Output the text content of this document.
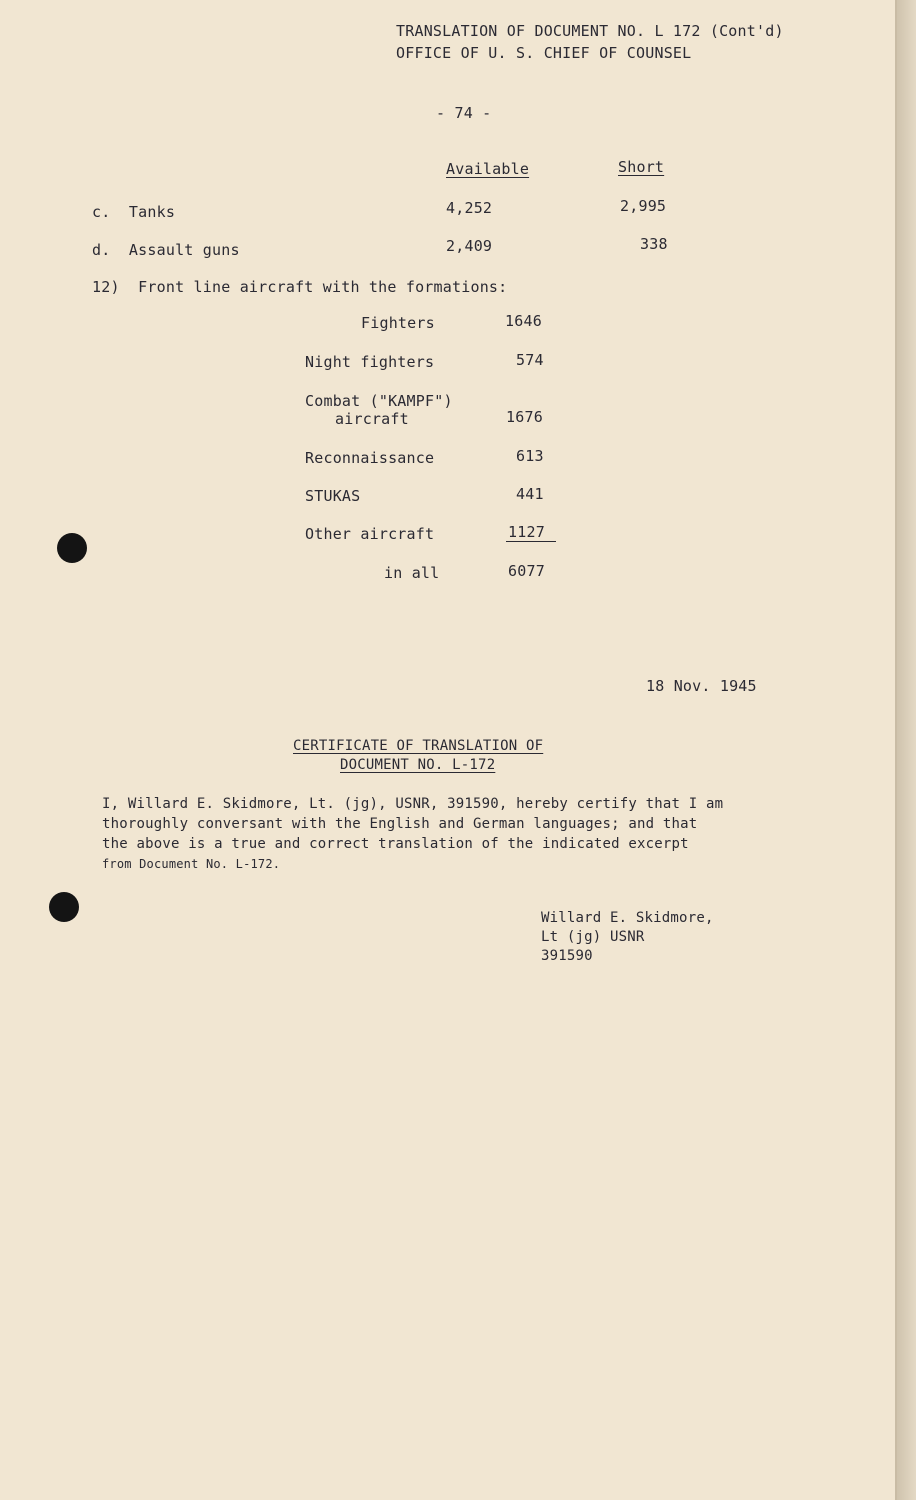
TRANSLATION OF DOCUMENT NO. L 172 (Cont'd)
OFFICE OF U. S. CHIEF OF COUNSEL
- 74 -
Available	Short
c.  Tanks	4,252	2,995
d.  Assault guns	2,409	338
12)  Front line aircraft with the formations:
Fighters	1646
Night fighters	574
Combat ("KAMPF")
aircraft	1676
Reconnaissance	613
STUKAS	441
Other aircraft	1127
in all	6077
18 Nov. 1945
CERTIFICATE OF TRANSLATION OF
DOCUMENT NO. L-172
I, Willard E. Skidmore, Lt. (jg), USNR, 391590, hereby certify that I am
thoroughly conversant with the English and German languages; and that
the above is a true and correct translation of the indicated excerpt
from Document No. L-172.
Willard E. Skidmore,
Lt (jg) USNR
391590
